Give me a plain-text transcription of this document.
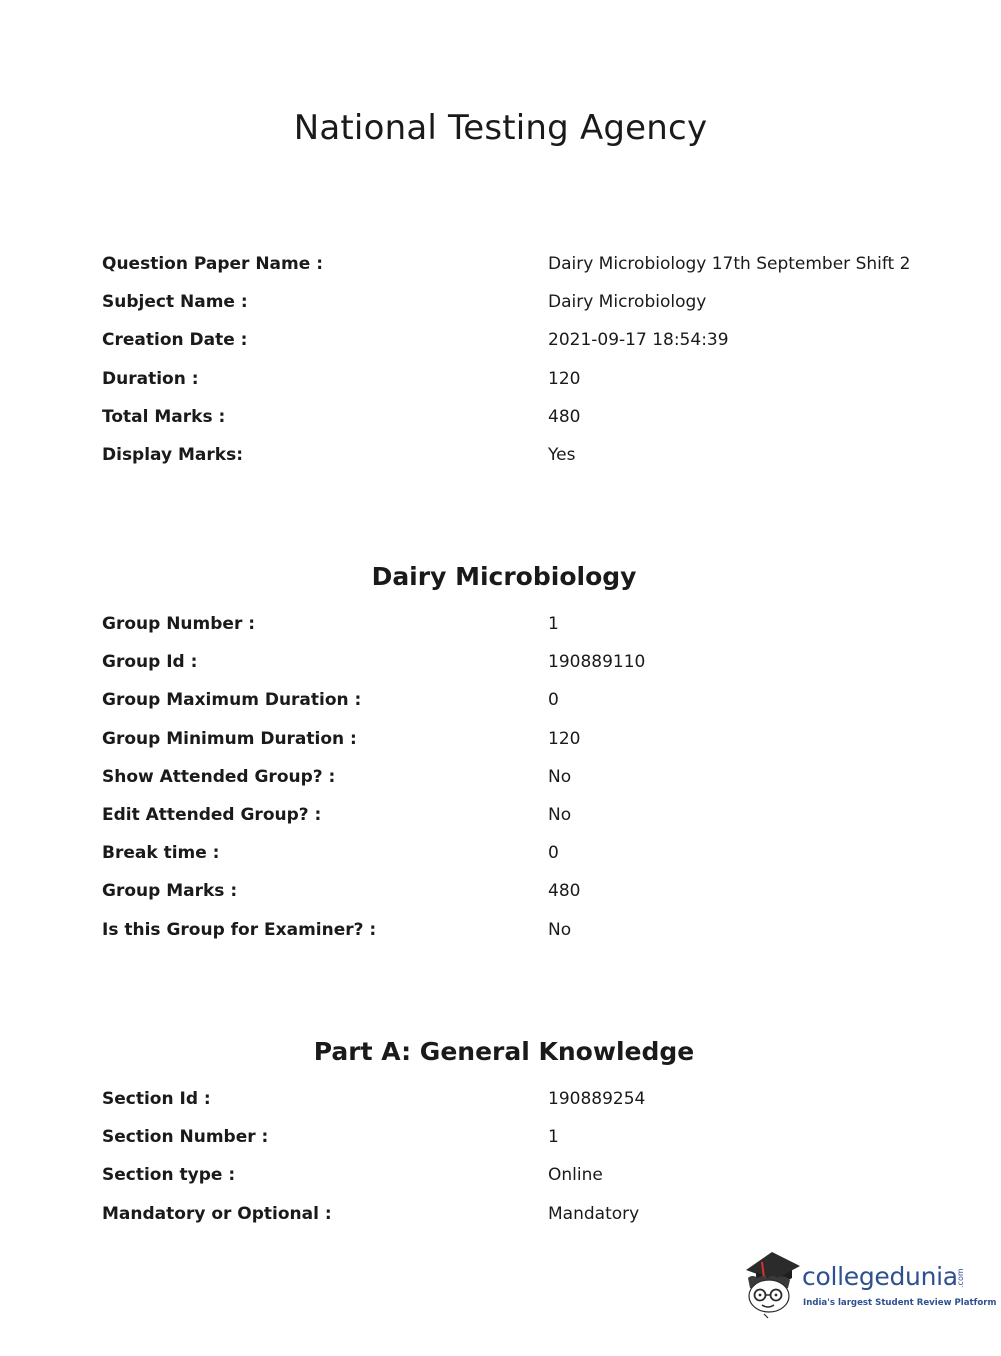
National Testing Agency
Question Paper Name :	Dairy Microbiology 17th September Shift 2
Subject Name :	Dairy Microbiology
Creation Date :	2021-09-17 18:54:39
Duration :	120
Total Marks :	480
Display Marks:	Yes
Dairy Microbiology
Group Number :	1
Group Id :	190889110
Group Maximum Duration :	0
Group Minimum Duration :	120
Show Attended Group? :	No
Edit Attended Group? :	No
Break time :	0
Group Marks :	480
Is this Group for Examiner? :	No
Part A: General Knowledge
Section Id :	190889254
Section Number :	1
Section type :	Online
Mandatory or Optional :	Mandatory
collegedunia
.com
India's largest Student Review Platform
